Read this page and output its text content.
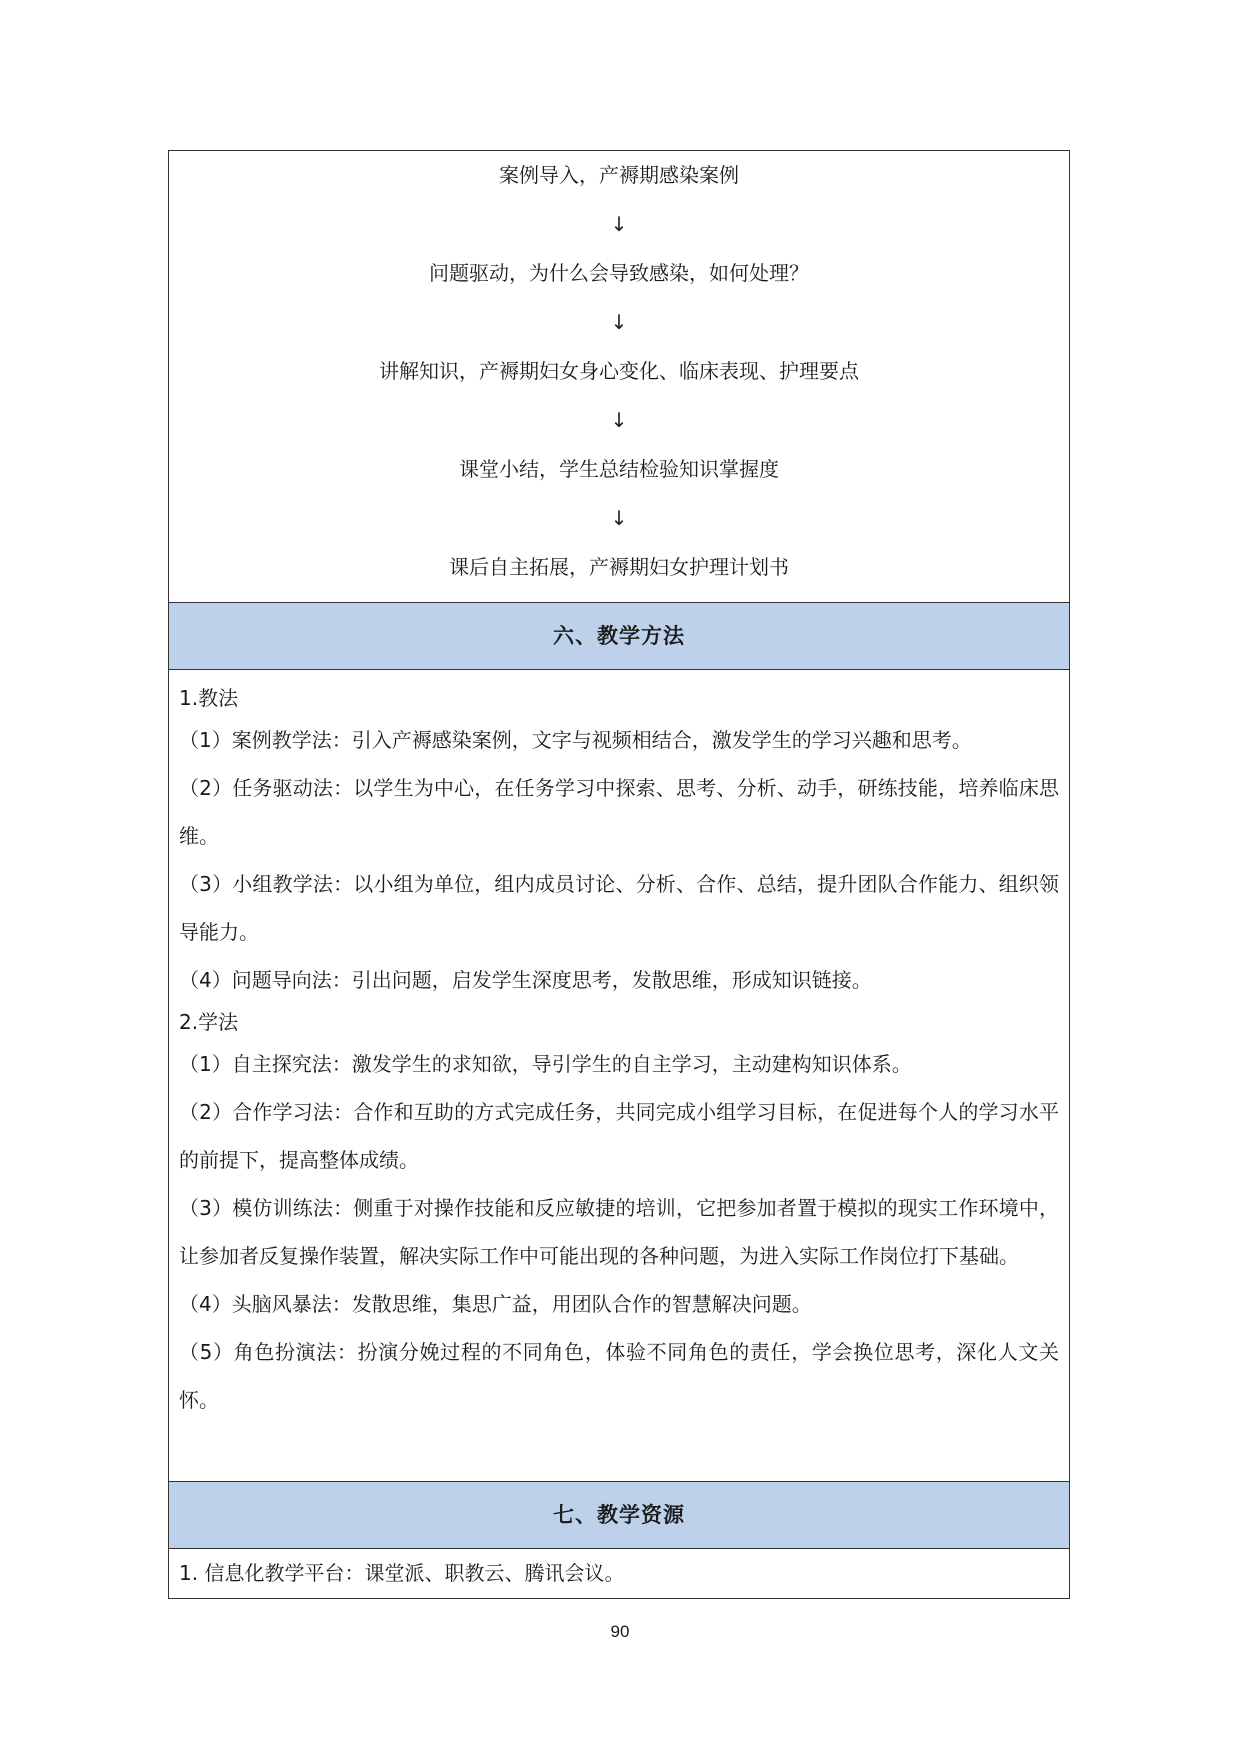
案例导入，产褥期感染案例

↓

问题驱动，为什么会导致感染，如何处理？

↓

讲解知识，产褥期妇女身心变化、临床表现、护理要点

↓

课堂小结，学生总结检验知识掌握度

↓

课后自主拓展，产褥期妇女护理计划书

六、教学方法

1.教法

（1）案例教学法：引入产褥感染案例，文字与视频相结合，激发学生的学习兴趣和思考。

（2）任务驱动法：以学生为中心，在任务学习中探索、思考、分析、动手，研练技能，培养临床思维。

（3）小组教学法：以小组为单位，组内成员讨论、分析、合作、总结，提升团队合作能力、组织领导能力。

（4）问题导向法：引出问题，启发学生深度思考，发散思维，形成知识链接。

2.学法

（1）自主探究法：激发学生的求知欲，导引学生的自主学习，主动建构知识体系。

（2）合作学习法：合作和互助的方式完成任务，共同完成小组学习目标，在促进每个人的学习水平的前提下，提高整体成绩。

（3）模仿训练法：侧重于对操作技能和反应敏捷的培训，它把参加者置于模拟的现实工作环境中，让参加者反复操作装置，解决实际工作中可能出现的各种问题，为进入实际工作岗位打下基础。

（4）头脑风暴法：发散思维，集思广益，用团队合作的智慧解决问题。

（5）角色扮演法：扮演分娩过程的不同角色，体验不同角色的责任，学会换位思考，深化人文关怀。

七、教学资源
1. 信息化教学平台：课堂派、职教云、腾讯会议。
90
